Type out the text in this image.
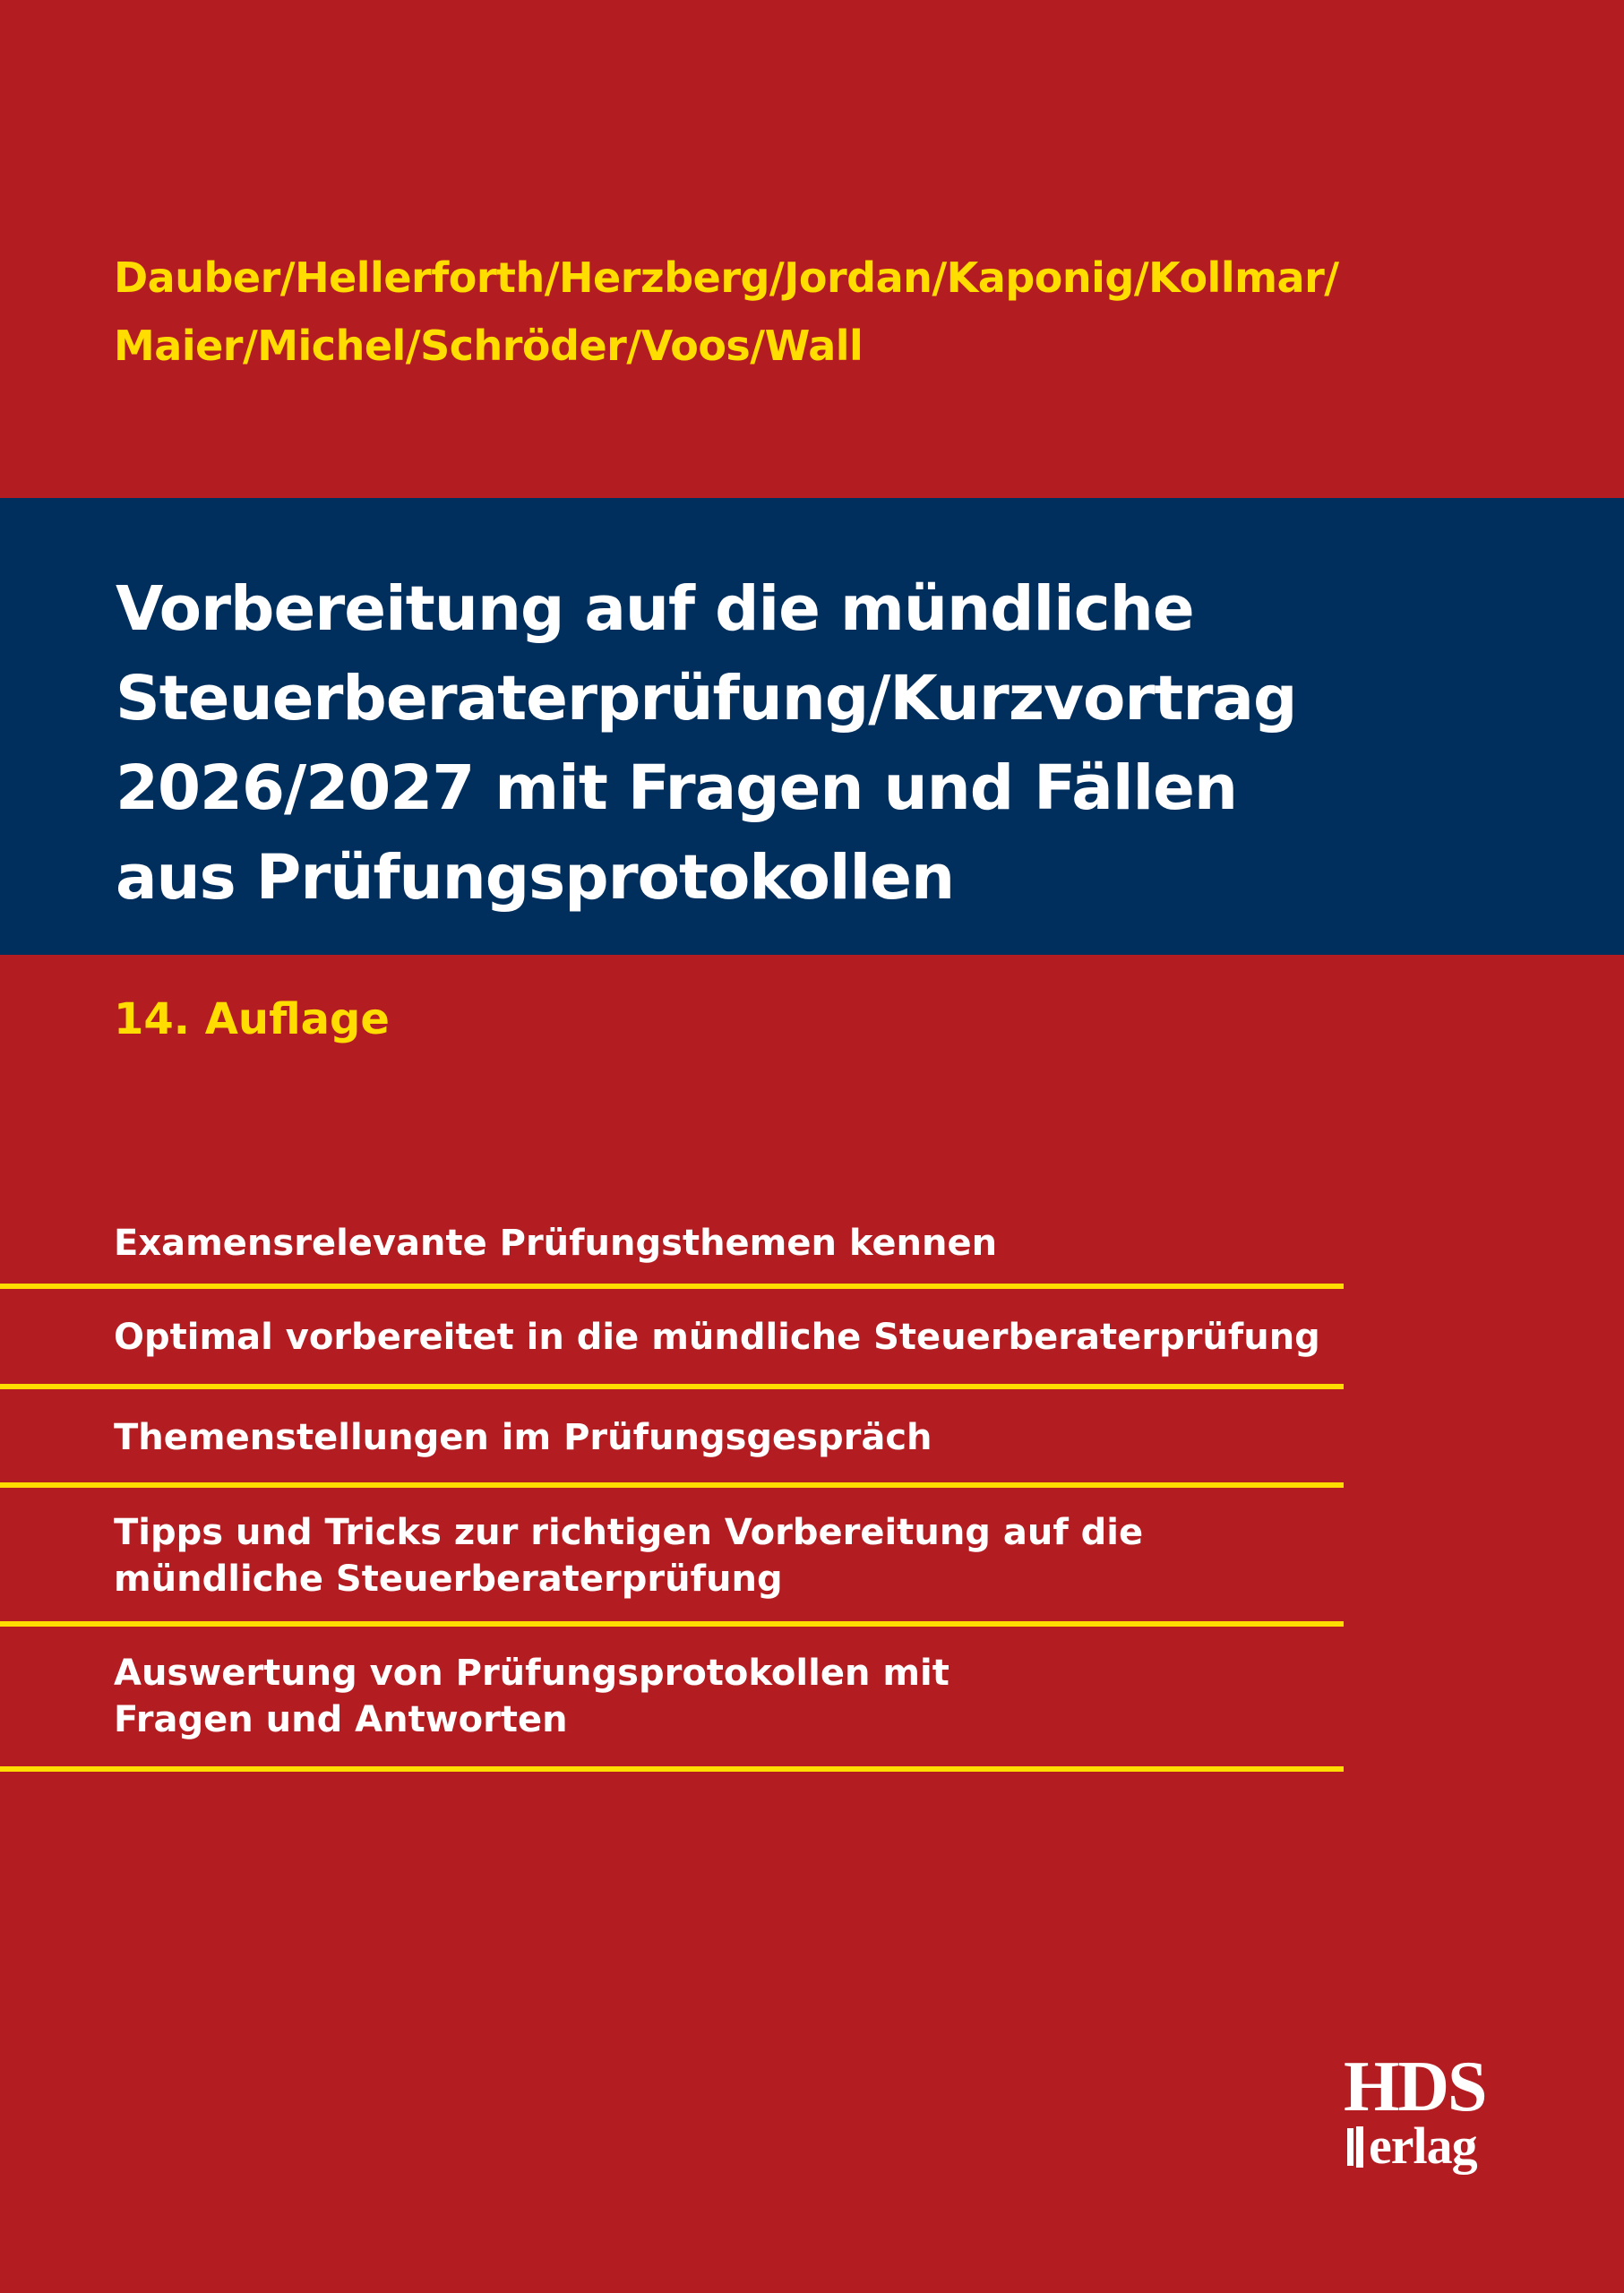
Dauber/Hellerforth/Herzberg/Jordan/Kaponig/Kollmar/
Maier/Michel/Schröder/Voos/Wall
Vorbereitung auf die mündliche
Steuerberaterprüfung/Kurzvortrag
2026/2027 mit Fragen und Fällen
aus Prüfungsprotokollen
14. Auflage
Examensrelevante Prüfungsthemen kennen
Optimal vorbereitet in die mündliche Steuerberaterprüfung
Themenstellungen im Prüfungsgespräch
Tipps und Tricks zur richtigen Vorbereitung auf die
mündliche Steuerberaterprüfung
Auswertung von Prüfungsprotokollen mit
Fragen und Antworten
HDS
erlag
